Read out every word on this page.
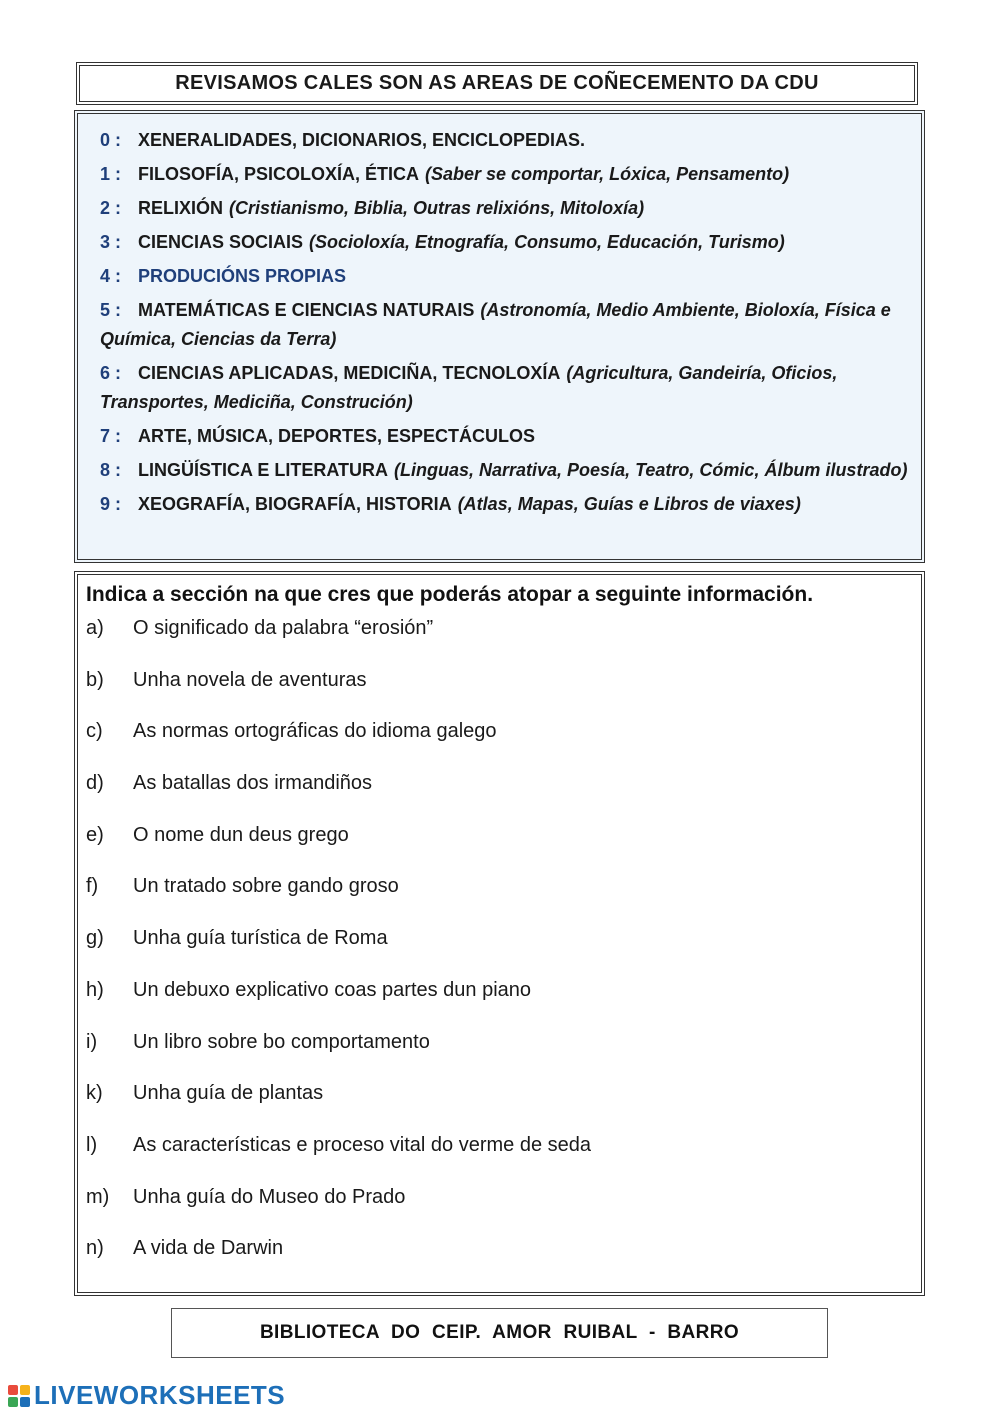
REVISAMOS CALES SON AS AREAS DE COÑECEMENTO DA CDU
0 : XENERALIDADES, DICIONARIOS, ENCICLOPEDIAS.
1 : FILOSOFÍA, PSICOLOXÍA, ÉTICA (Saber se comportar, Lóxica, Pensamento)
2 : RELIXIÓN (Cristianismo, Biblia, Outras relixións, Mitoloxía)
3 : CIENCIAS SOCIAIS (Socioloxía, Etnografía, Consumo, Educación, Turismo)
4 : PRODUCIÓNS PROPIAS
5 : MATEMÁTICAS E CIENCIAS NATURAIS (Astronomía, Medio Ambiente, Bioloxía, Física e Química, Ciencias da Terra)
6 : CIENCIAS APLICADAS, MEDICIÑA, TECNOLOXÍA (Agricultura, Gandeiría, Oficios, Transportes, Mediciña, Construción)
7 : ARTE, MÚSICA, DEPORTES, ESPECTÁCULOS
8 : LINGÜÍSTICA E LITERATURA (Linguas, Narrativa, Poesía, Teatro, Cómic, Álbum ilustrado)
9 : XEOGRAFÍA, BIOGRAFÍA, HISTORIA (Atlas, Mapas, Guías e Libros de viaxes)
Indica a sección na que cres que poderás atopar a seguinte información.
a)	O significado da palabra “erosión”
b)	Unha novela de aventuras
c)	As normas ortográficas do idioma galego
d)	As batallas dos irmandiños
e)	O nome dun deus grego
f)	Un tratado sobre gando groso
g)	Unha guía turística de Roma
h)	Un debuxo explicativo coas partes dun piano
i)	Un libro sobre bo comportamento
k)	Unha guía de plantas
l)	As características e proceso vital do verme de seda
m)	Unha guía do Museo do Prado
n)	A vida de Darwin
BIBLIOTECA DO CEIP. AMOR RUIBAL - BARRO
LIVEWORKSHEETS
